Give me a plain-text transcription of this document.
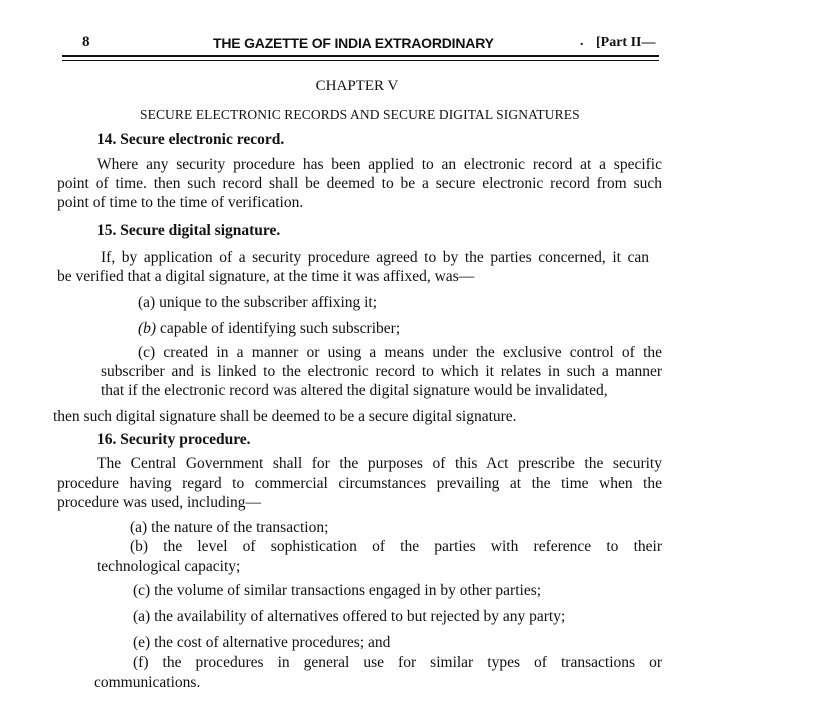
8	THE GAZETTE OF INDIA EXTRAORDINARY	. [Part II—
CHAPTER V
SECURE ELECTRONIC RECORDS AND SECURE DIGITAL SIGNATURES
14. Secure electronic record.
Where any security procedure has been applied to an electronic record at a specific
point of time. then such record shall be deemed to be a secure electronic record from such
point of time to the time of verification.
15. Secure digital signature.
If, by application of a security procedure agreed to by the parties concerned, it can
be verified that a digital signature, at the time it was affixed, was—
(a) unique to the subscriber affixing it;
(b) capable of identifying such subscriber;
(c) created in a manner or using a means under the exclusive control of the
subscriber and is linked to the electronic record to which it relates in such a manner
that if the electronic record was altered the digital signature would be invalidated,
then such digital signature shall be deemed to be a secure digital signature.
16. Security procedure.
The Central Government shall for the purposes of this Act prescribe the security
procedure having regard to commercial circumstances prevailing at the time when the
procedure was used, including—
(a) the nature of the transaction;
(b) the level of sophistication of the parties with reference to their
technological capacity;
(c) the volume of similar transactions engaged in by other parties;
(a) the availability of alternatives offered to but rejected by any party;
(e) the cost of alternative procedures; and
(f) the procedures in general use for similar types of transactions or
communications.
